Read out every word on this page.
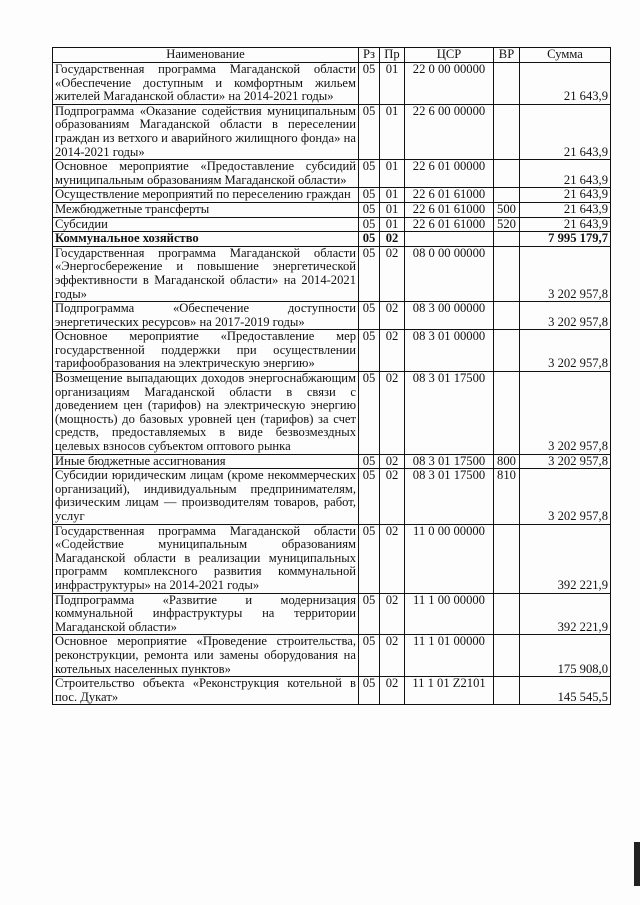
Наименование	Рз	Пр	ЦСР	ВР	Сумма
Государственная программа Магаданской области «Обеспечение доступным и комфортным жильем жителей Магаданской области» на 2014-2021 годы»	05	01	22 0 00 00000		21 643,9
Подпрограмма «Оказание содействия муниципальным образованиям Магаданской области в переселении граждан из ветхого и аварийного жилищного фонда» на 2014-2021 годы»	05	01	22 6 00 00000		21 643,9
Основное мероприятие «Предоставление субсидий муниципальным образованиям Магаданской области»	05	01	22 6 01 00000		21 643,9
Осуществление мероприятий по переселению граждан	05	01	22 6 01 61000		21 643,9
Межбюджетные трансферты	05	01	22 6 01 61000	500	21 643,9
Субсидии	05	01	22 6 01 61000	520	21 643,9
Коммунальное хозяйство	05	02			7 995 179,7
Государственная программа Магаданской области «Энергосбережение и повышение энергетической эффективности в Магаданской области» на 2014-2021 годы»	05	02	08 0 00 00000		3 202 957,8
Подпрограмма «Обеспечение доступности энергетических ресурсов» на 2017-2019 годы»	05	02	08 3 00 00000		3 202 957,8
Основное мероприятие «Предоставление мер государственной поддержки при осуществлении тарифообразования на электрическую энергию»	05	02	08 3 01 00000		3 202 957,8
Возмещение выпадающих доходов энергоснабжающим организациям Магаданской области в связи с доведением цен (тарифов) на электрическую энергию (мощность) до базовых уровней цен (тарифов) за счет средств, предоставляемых в виде безвозмездных целевых взносов субъектом оптового рынка	05	02	08 3 01 17500		3 202 957,8
Иные бюджетные ассигнования	05	02	08 3 01 17500	800	3 202 957,8
Субсидии юридическим лицам (кроме некоммерческих организаций), индивидуальным предпринимателям, физическим лицам — производителям товаров, работ, услуг	05	02	08 3 01 17500	810	3 202 957,8
Государственная программа Магаданской области «Содействие муниципальным образованиям Магаданской области в реализации муниципальных программ комплексного развития коммунальной инфраструктуры» на 2014-2021 годы»	05	02	11 0 00 00000		392 221,9
Подпрограмма «Развитие и модернизация коммунальной инфраструктуры на территории Магаданской области»	05	02	11 1 00 00000		392 221,9
Основное мероприятие «Проведение строительства, реконструкции, ремонта или замены оборудования на котельных населенных пунктов»	05	02	11 1 01 00000		175 908,0
Строительство объекта «Реконструкция котельной в пос. Дукат»	05	02	11 1 01 Z2101		145 545,5
